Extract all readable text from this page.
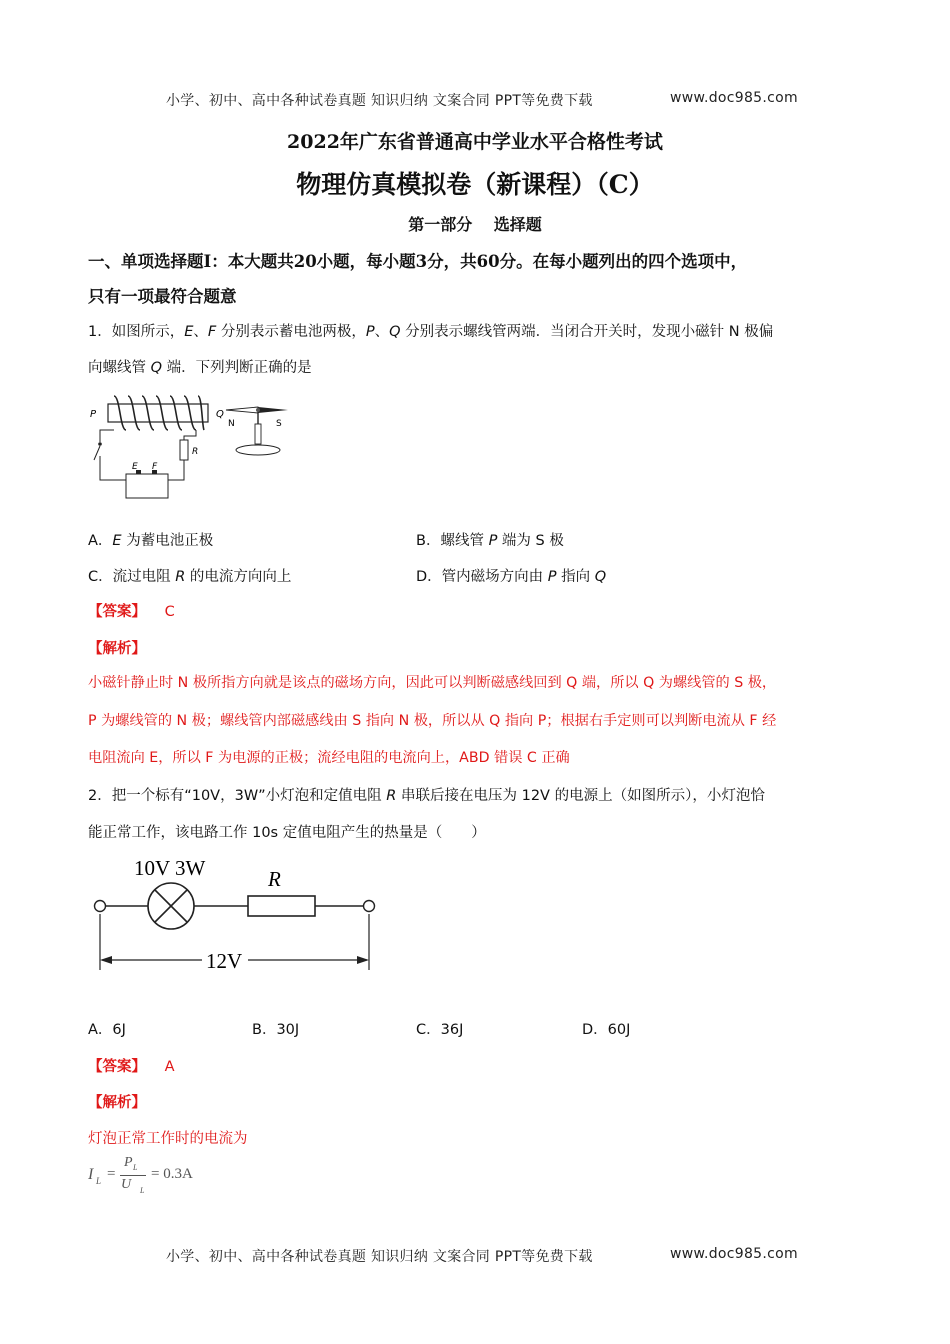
小学、初中、高中各种试卷真题 知识归纳 文案合同 PPT等免费下载	www.doc985.com
2022年广东省普通高中学业水平合格性考试
物理仿真模拟卷（新课程）（C）
第一部分　 选择题
一、单项选择题Ⅰ：本大题共20小题，每小题3分，共60分。在每小题列出的四个选项中，
只有一项最符合题意
1．如图所示，E、F 分别表示蓄电池两极，P、Q 分别表示螺线管两端．当闭合开关时，发现小磁针 N 极偏
向螺线管 Q 端．下列判断正确的是
P	Q
R
E F
N	S
A．E 为蓄电池正极	B．螺线管 P 端为 S 极
C．流过电阻 R 的电流方向向上	D．管内磁场方向由 P 指向 Q
【答案】 C
【解析】
小磁针静止时 N 极所指方向就是该点的磁场方向，因此可以判断磁感线回到 Q 端，所以 Q 为螺线管的 S 极，
P 为螺线管的 N 极；螺线管内部磁感线由 S 指向 N 极，所以从 Q 指向 P；根据右手定则可以判断电流从 F 经
电阻流向 E，所以 F 为电源的正极；流经电阻的电流向上，ABD 错误 C 正确
2．把一个标有“10V，3W”小灯泡和定值电阻 R 串联后接在电压为 12V 的电源上（如图所示），小灯泡恰
能正常工作，该电路工作 10s 定值电阻产生的热量是（　　）
10V 3W	R
12V
A．6J	B．30J	C．36J	D．60J
【答案】 A
【解析】
灯泡正常工作时的电流为
I L =
P L
U L
= 0.3A
小学、初中、高中各种试卷真题 知识归纳 文案合同 PPT等免费下载	www.doc985.com
